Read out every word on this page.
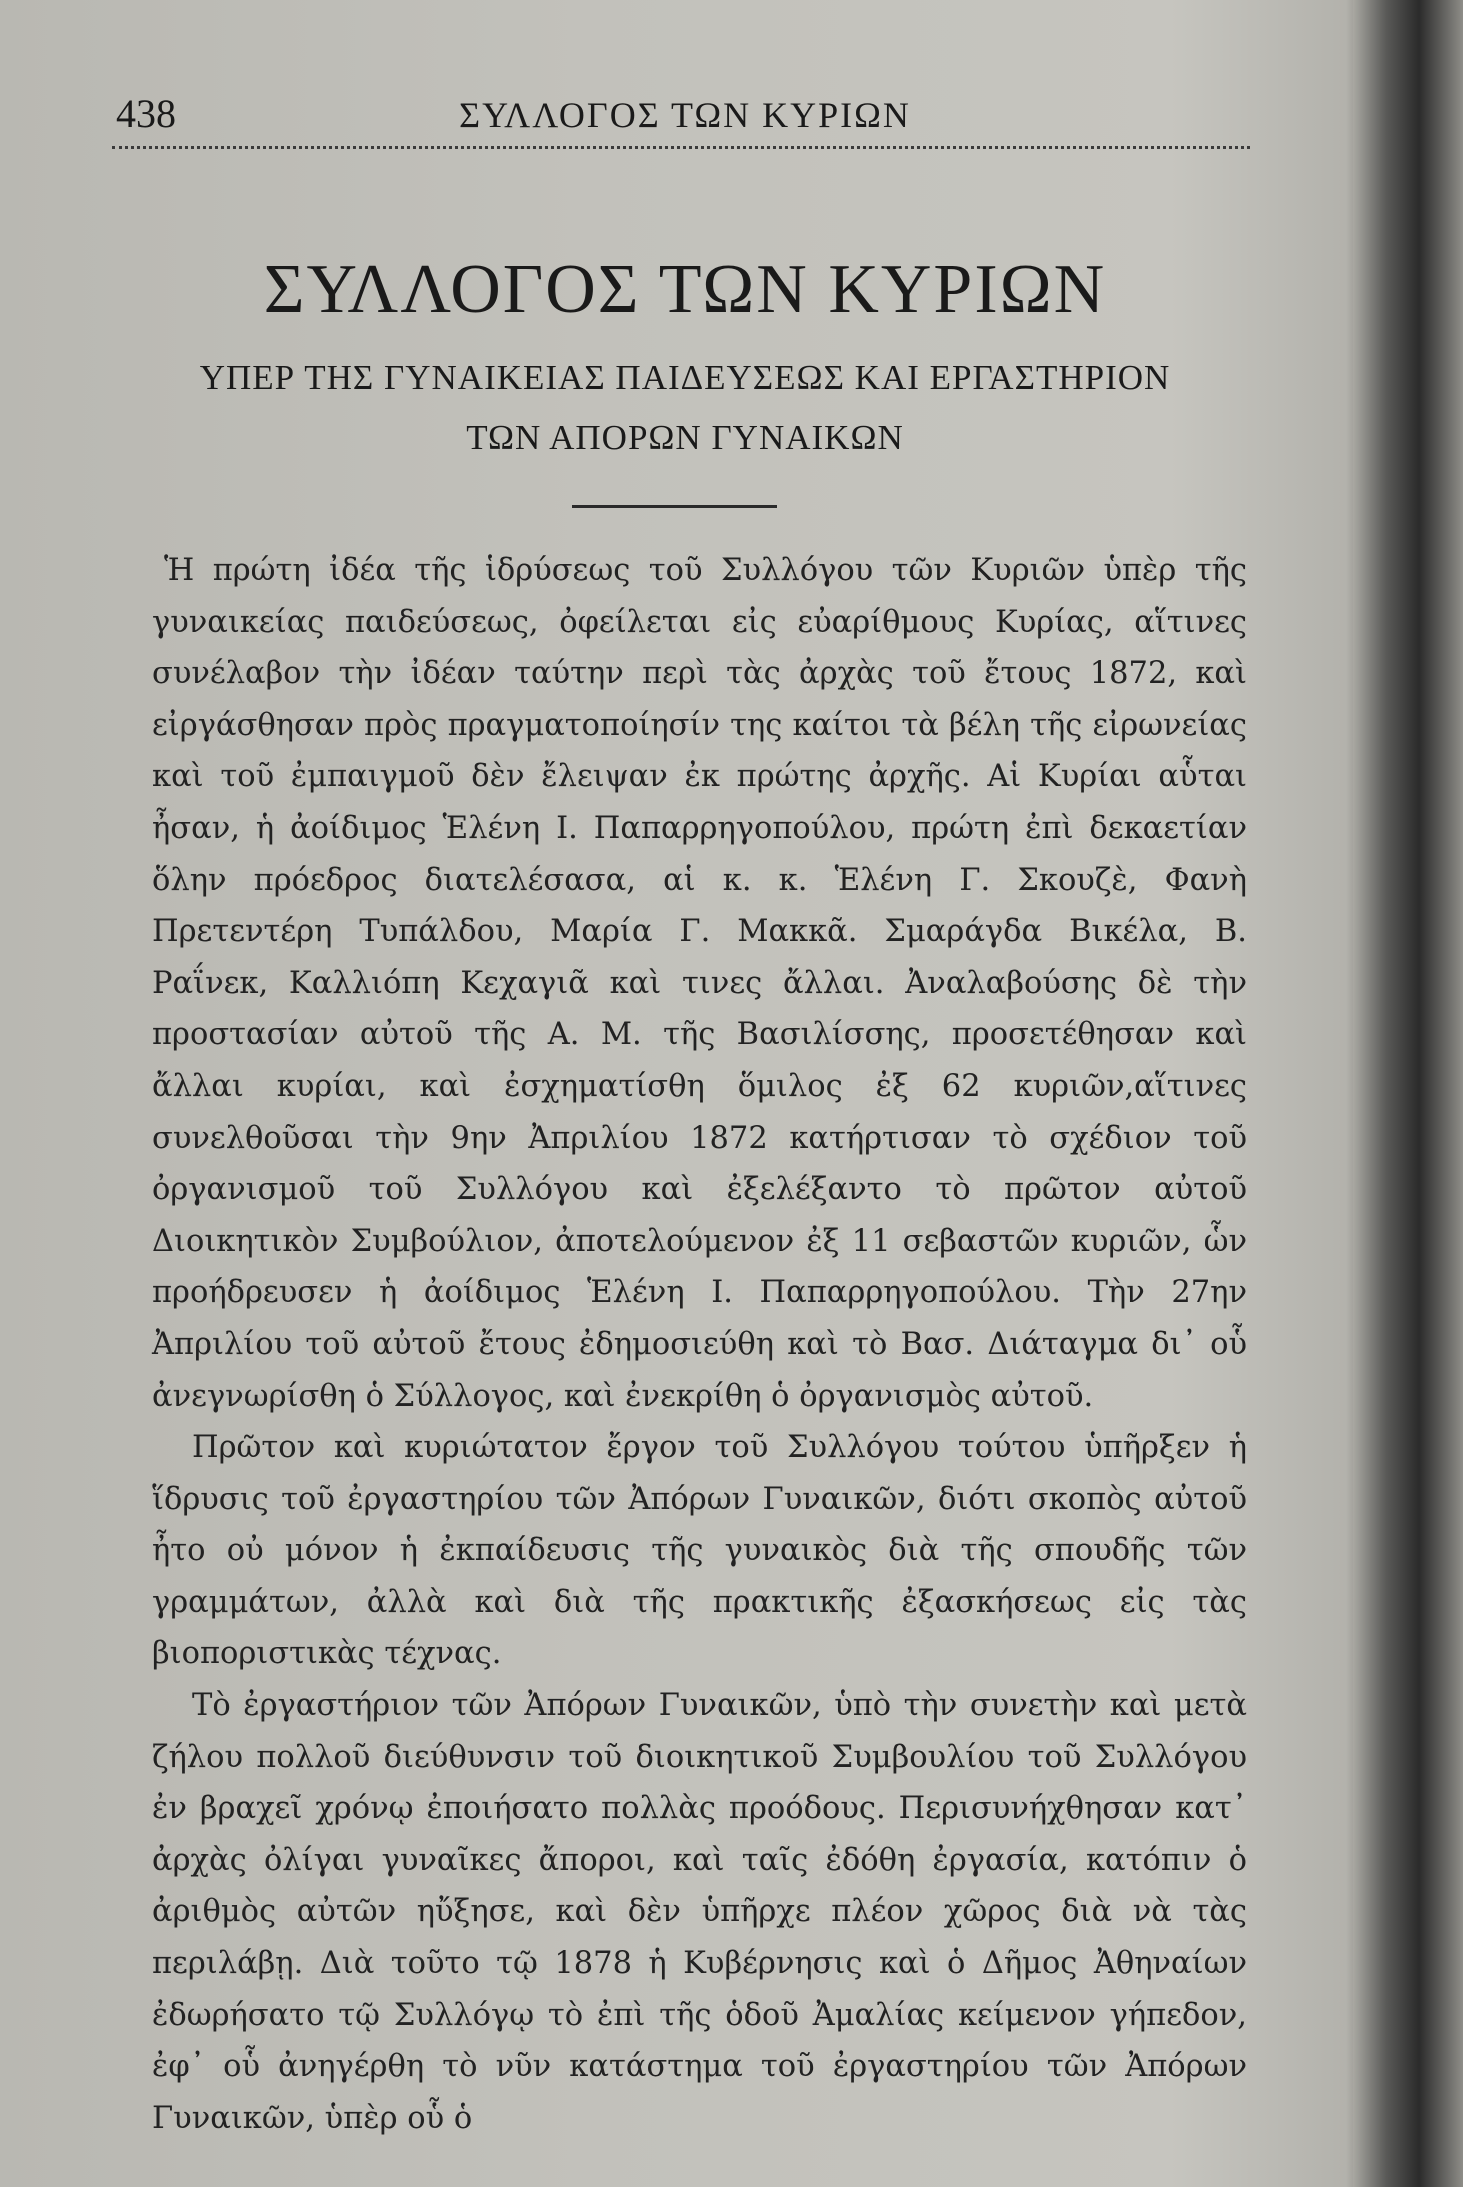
438	ΣΥΛΛΟΓΟΣ ΤΩΝ ΚΥΡΙΩΝ
ΣΥΛΛΟΓΟΣ ΤΩΝ ΚΥΡΙΩΝ
ΥΠΕΡ ΤΗΣ ΓΥΝΑΙΚΕΙΑΣ ΠΑΙΔΕΥΣΕΩΣ ΚΑΙ ΕΡΓΑΣΤΗΡΙΟΝ
ΤΩΝ ΑΠΟΡΩΝ ΓΥΝΑΙΚΩΝ

Ἡ πρώτη ἰδέα τῆς ἱδρύσεως τοῦ Συλλόγου τῶν Κυριῶν ὑπὲρ τῆς γυναικείας παιδεύσεως, ὀφείλεται εἰς εὐαρίθμους Κυρίας, αἵτινες συνέλαβον τὴν ἰδέαν ταύτην περὶ τὰς ἀρχὰς τοῦ ἔτους 1872, καὶ εἰργάσθησαν πρὸς πραγματοποίησίν της καίτοι τὰ βέλη τῆς εἰρωνείας καὶ τοῦ ἐμπαιγμοῦ δὲν ἔλειψαν ἐκ πρώτης ἀρχῆς. Αἱ Κυρίαι αὗται ἦσαν, ἡ ἀοίδιμος Ἑλένη Ι. Παπαρρηγοπούλου, πρώτη ἐπὶ δεκαετίαν ὅλην πρόεδρος διατελέσασα, αἱ κ. κ. Ἑλένη Γ. Σκουζὲ, Φανὴ Πρετεντέρη Τυπάλδου, Μαρία Γ. Μακκᾶ. Σμαράγδα Βικέλα, Β. Ραΐνεκ, Καλλιόπη Κεχαγιᾶ καὶ τινες ἄλλαι. Ἀναλαβούσης δὲ τὴν προστασίαν αὐτοῦ τῆς Α. Μ. τῆς Βασιλίσσης, προσετέθησαν καὶ ἄλλαι κυρίαι, καὶ ἐσχηματίσθη ὅμιλος ἐξ 62 κυριῶν,αἵτινες συνελθοῦσαι τὴν 9ην Ἀπριλίου 1872 κατήρτισαν τὸ σχέδιον τοῦ ὀργανισμοῦ τοῦ Συλλόγου καὶ ἐξελέξαντο τὸ πρῶτον αὐτοῦ Διοικητικὸν Συμβούλιον, ἀποτελούμενον ἐξ 11 σεβαστῶν κυριῶν, ὧν προήδρευσεν ἡ ἀοίδιμος Ἑλένη Ι. Παπαρρηγοπούλου. Τὴν 27ην Ἀπριλίου τοῦ αὐτοῦ ἔτους ἐδημοσιεύθη καὶ τὸ Βασ. Διάταγμα δι᾽ οὗ ἀνεγνωρίσθη ὁ Σύλλογος, καὶ ἐνεκρίθη ὁ ὀργανισμὸς αὐτοῦ.

Πρῶτον καὶ κυριώτατον ἔργον τοῦ Συλλόγου τούτου ὑπῆρξεν ἡ ἵδρυσις τοῦ ἐργαστηρίου τῶν Ἀπόρων Γυναικῶν, διότι σκοπὸς αὐτοῦ ἦτο οὐ μόνον ἡ ἐκπαίδευσις τῆς γυναικὸς διὰ τῆς σπουδῆς τῶν γραμμάτων, ἀλλὰ καὶ διὰ τῆς πρακτικῆς ἐξασκήσεως εἰς τὰς βιοποριστικὰς τέχνας.

Τὸ ἐργαστήριον τῶν Ἀπόρων Γυναικῶν, ὑπὸ τὴν συνετὴν καὶ μετὰ ζήλου πολλοῦ διεύθυνσιν τοῦ διοικητικοῦ Συμβουλίου τοῦ Συλλόγου ἐν βραχεῖ χρόνῳ ἐποιήσατο πολλὰς προόδους. Περισυνήχθησαν κατ᾽ ἀρχὰς ὀλίγαι γυναῖκες ἄποροι, καὶ ταῖς ἐδόθη ἐργασία, κατόπιν ὁ ἀριθμὸς αὐτῶν ηὔξησε, καὶ δὲν ὑπῆρχε πλέον χῶρος διὰ νὰ τὰς περιλάβῃ. Διὰ τοῦτο τῷ 1878 ἡ Κυβέρνησις καὶ ὁ Δῆμος Ἀθηναίων ἐδωρήσατο τῷ Συλλόγῳ τὸ ἐπὶ τῆς ὁδοῦ Ἀμαλίας κείμενον γήπεδον, ἐφ᾽ οὗ ἀνηγέρθη τὸ νῦν κατάστημα τοῦ ἐργαστηρίου τῶν Ἀπόρων Γυναικῶν, ὑπὲρ οὗ ὁ
